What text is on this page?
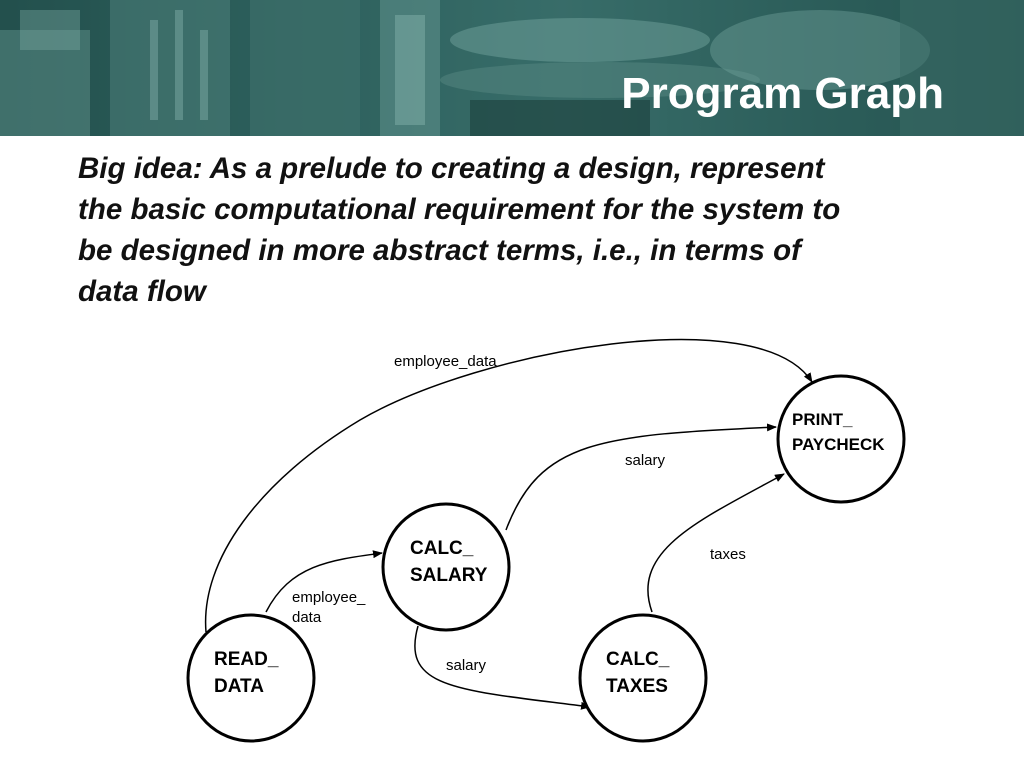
Program Graph
Big idea: As a prelude to creating a design, represent
the basic computational requirement for the system to
be designed in more abstract terms, i.e., in terms of
data flow
READ_
DATA
CALC_
SALARY
CALC_
TAXES
PRINT_
PAYCHECK
employee_data
employee_
data
salary
salary
taxes
